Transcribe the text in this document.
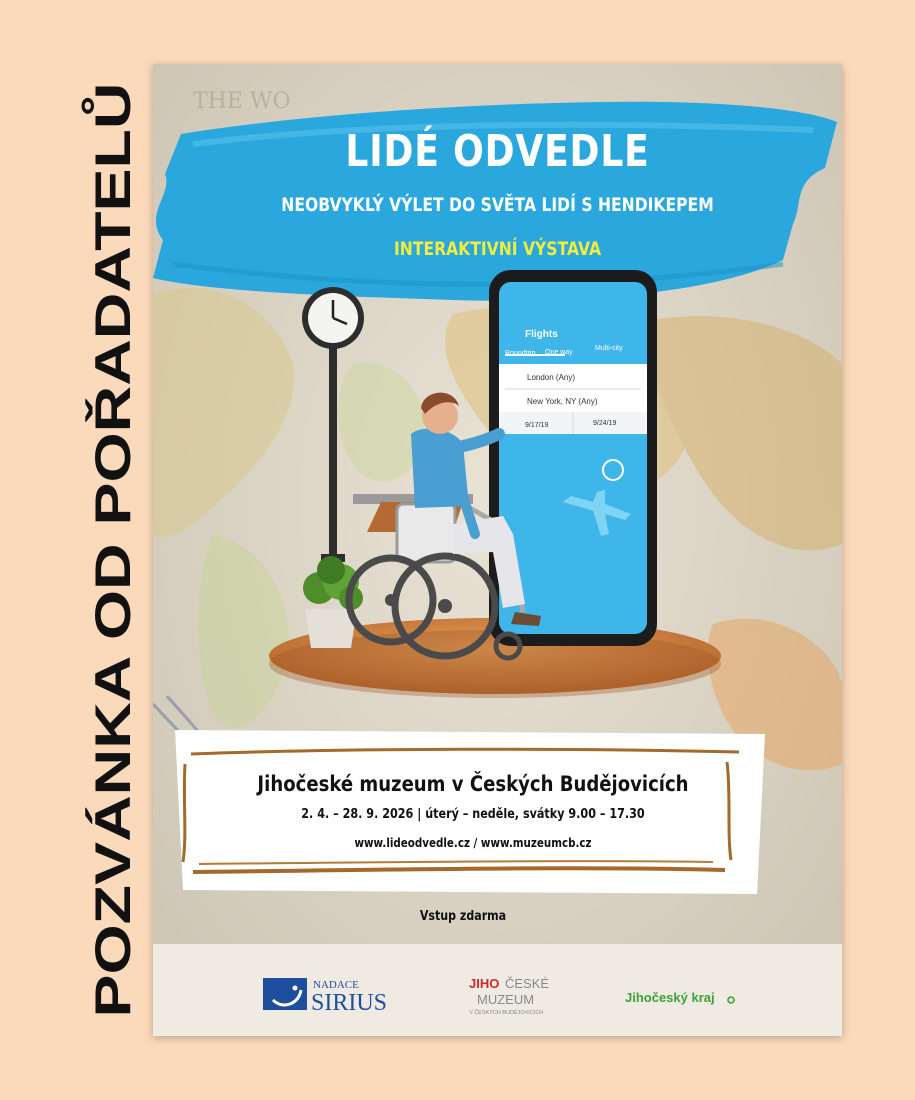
POZVÁNKA OD POŘADATELŮ
THE WO
Flights
Roundtrip One way
Multi-city
London (Any)
New York, NY (Any)
9/17/19	9/24/19

LIDÉ ODVEDLE

NEOBVYKLÝ VÝLET DO SVĚTA LIDÍ S HENDIKEPEM

INTERAKTIVNÍ VÝSTAVA

Jihočeské muzeum v Českých Budějovicích

2. 4. – 28. 9. 2026 | úterý – neděle, svátky 9.00 – 17.30

www.lideodvedle.cz / www.muzeumcb.cz

Vstup zdarma
NADACE
SIRIUS
JIHO ČESKÉ
MUZEUM
V ČESKÝCH BUDĚJOVICÍCH
Jihočeský kraj
